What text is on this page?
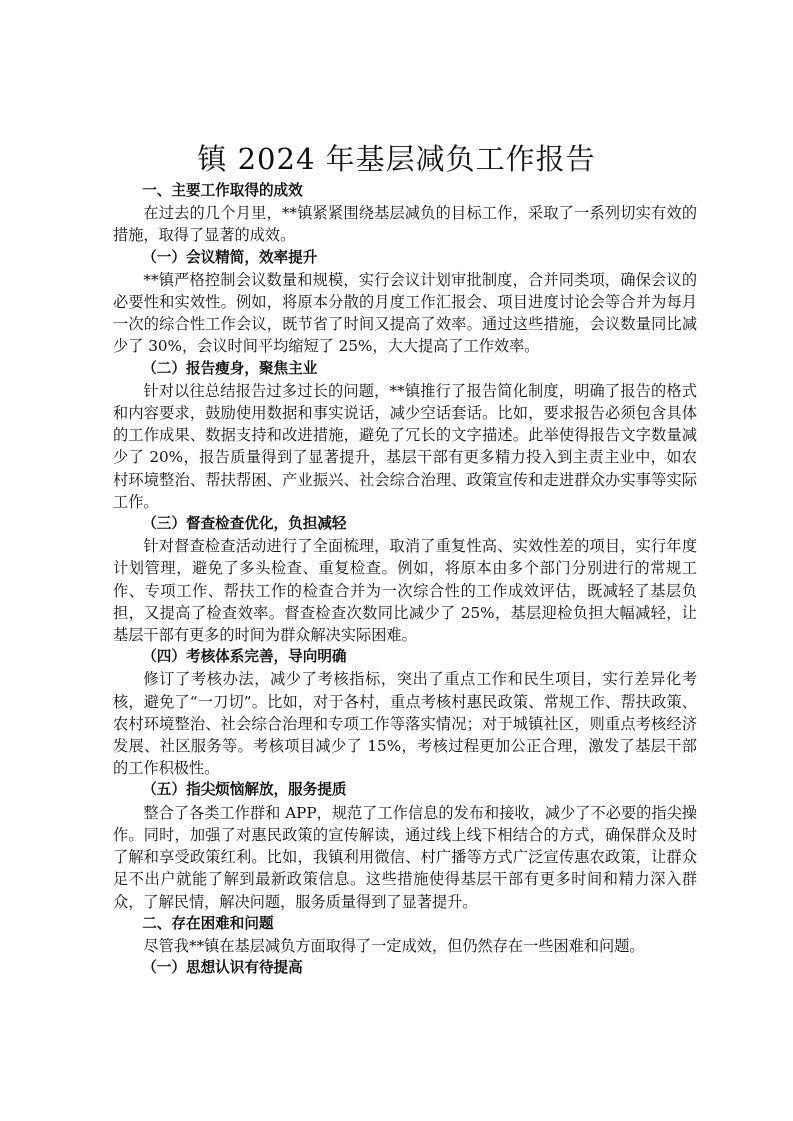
镇 2024 年基层减负工作报告

一、主要工作取得的成效

在过去的几个月里，**镇紧紧围绕基层减负的目标工作，采取了一系列切实有效的措施，取得了显著的成效。

（一）会议精简，效率提升

**镇严格控制会议数量和规模，实行会议计划审批制度，合并同类项，确保会议的必要性和实效性。例如，将原本分散的月度工作汇报会、项目进度讨论会等合并为每月一次的综合性工作会议，既节省了时间又提高了效率。通过这些措施，会议数量同比减少了 30%，会议时间平均缩短了 25%，大大提高了工作效率。

（二）报告瘦身，聚焦主业

针对以往总结报告过多过长的问题，**镇推行了报告简化制度，明确了报告的格式和内容要求，鼓励使用数据和事实说话，减少空话套话。比如，要求报告必须包含具体的工作成果、数据支持和改进措施，避免了冗长的文字描述。此举使得报告文字数量减少了 20%，报告质量得到了显著提升，基层干部有更多精力投入到主责主业中，如农村环境整治、帮扶帮困、产业振兴、社会综合治理、政策宣传和走进群众办实事等实际工作。

（三）督查检查优化，负担减轻

针对督查检查活动进行了全面梳理，取消了重复性高、实效性差的项目，实行年度计划管理，避免了多头检查、重复检查。例如，将原本由多个部门分别进行的常规工作、专项工作、帮扶工作的检查合并为一次综合性的工作成效评估，既减轻了基层负担，又提高了检查效率。督查检查次数同比减少了 25%，基层迎检负担大幅减轻，让基层干部有更多的时间为群众解决实际困难。

（四）考核体系完善，导向明确

修订了考核办法，减少了考核指标，突出了重点工作和民生项目，实行差异化考核，避免了“一刀切”。比如，对于各村，重点考核村惠民政策、常规工作、帮扶政策、农村环境整治、社会综合治理和专项工作等落实情况；对于城镇社区，则重点考核经济发展、社区服务等。考核项目减少了 15%，考核过程更加公正合理，激发了基层干部的工作积极性。

（五）指尖烦恼解放，服务提质

整合了各类工作群和 APP，规范了工作信息的发布和接收，减少了不必要的指尖操作。同时，加强了对惠民政策的宣传解读，通过线上线下相结合的方式，确保群众及时了解和享受政策红利。比如，我镇利用微信、村广播等方式广泛宣传惠农政策，让群众足不出户就能了解到最新政策信息。这些措施使得基层干部有更多时间和精力深入群众，了解民情，解决问题，服务质量得到了显著提升。

二、存在困难和问题

尽管我**镇在基层减负方面取得了一定成效，但仍然存在一些困难和问题。

（一）思想认识有待提高
